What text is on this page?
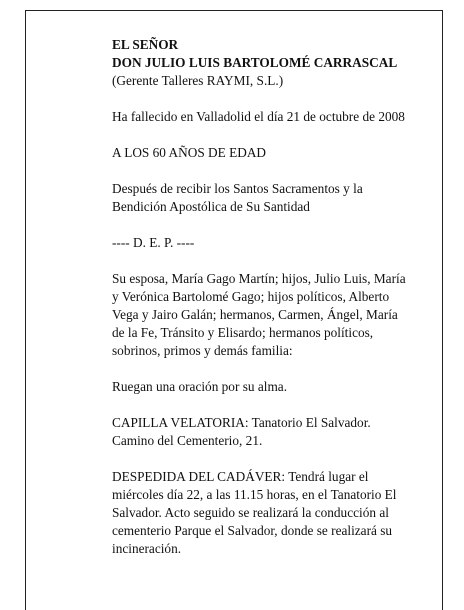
EL SEÑOR
DON JULIO LUIS BARTOLOMÉ CARRASCAL
(Gerente Talleres RAYMI, S.L.)
Ha fallecido en Valladolid el día 21 de octubre de 2008
A LOS 60 AÑOS DE EDAD
Después de recibir los Santos Sacramentos y la
Bendición Apostólica de Su Santidad
---- D. E. P. ----
Su esposa, María Gago Martín; hijos, Julio Luis, María
y Verónica Bartolomé Gago; hijos políticos, Alberto
Vega y Jairo Galán; hermanos, Carmen, Ángel, María
de la Fe, Tránsito y Elisardo; hermanos políticos,
sobrinos, primos y demás familia:
Ruegan una oración por su alma.
CAPILLA VELATORIA: Tanatorio El Salvador.
Camino del Cementerio, 21.
DESPEDIDA DEL CADÁVER: Tendrá lugar el
miércoles día 22, a las 11.15 horas, en el Tanatorio El
Salvador. Acto seguido se realizará la conducción al
cementerio Parque el Salvador, donde se realizará su
incineración.
